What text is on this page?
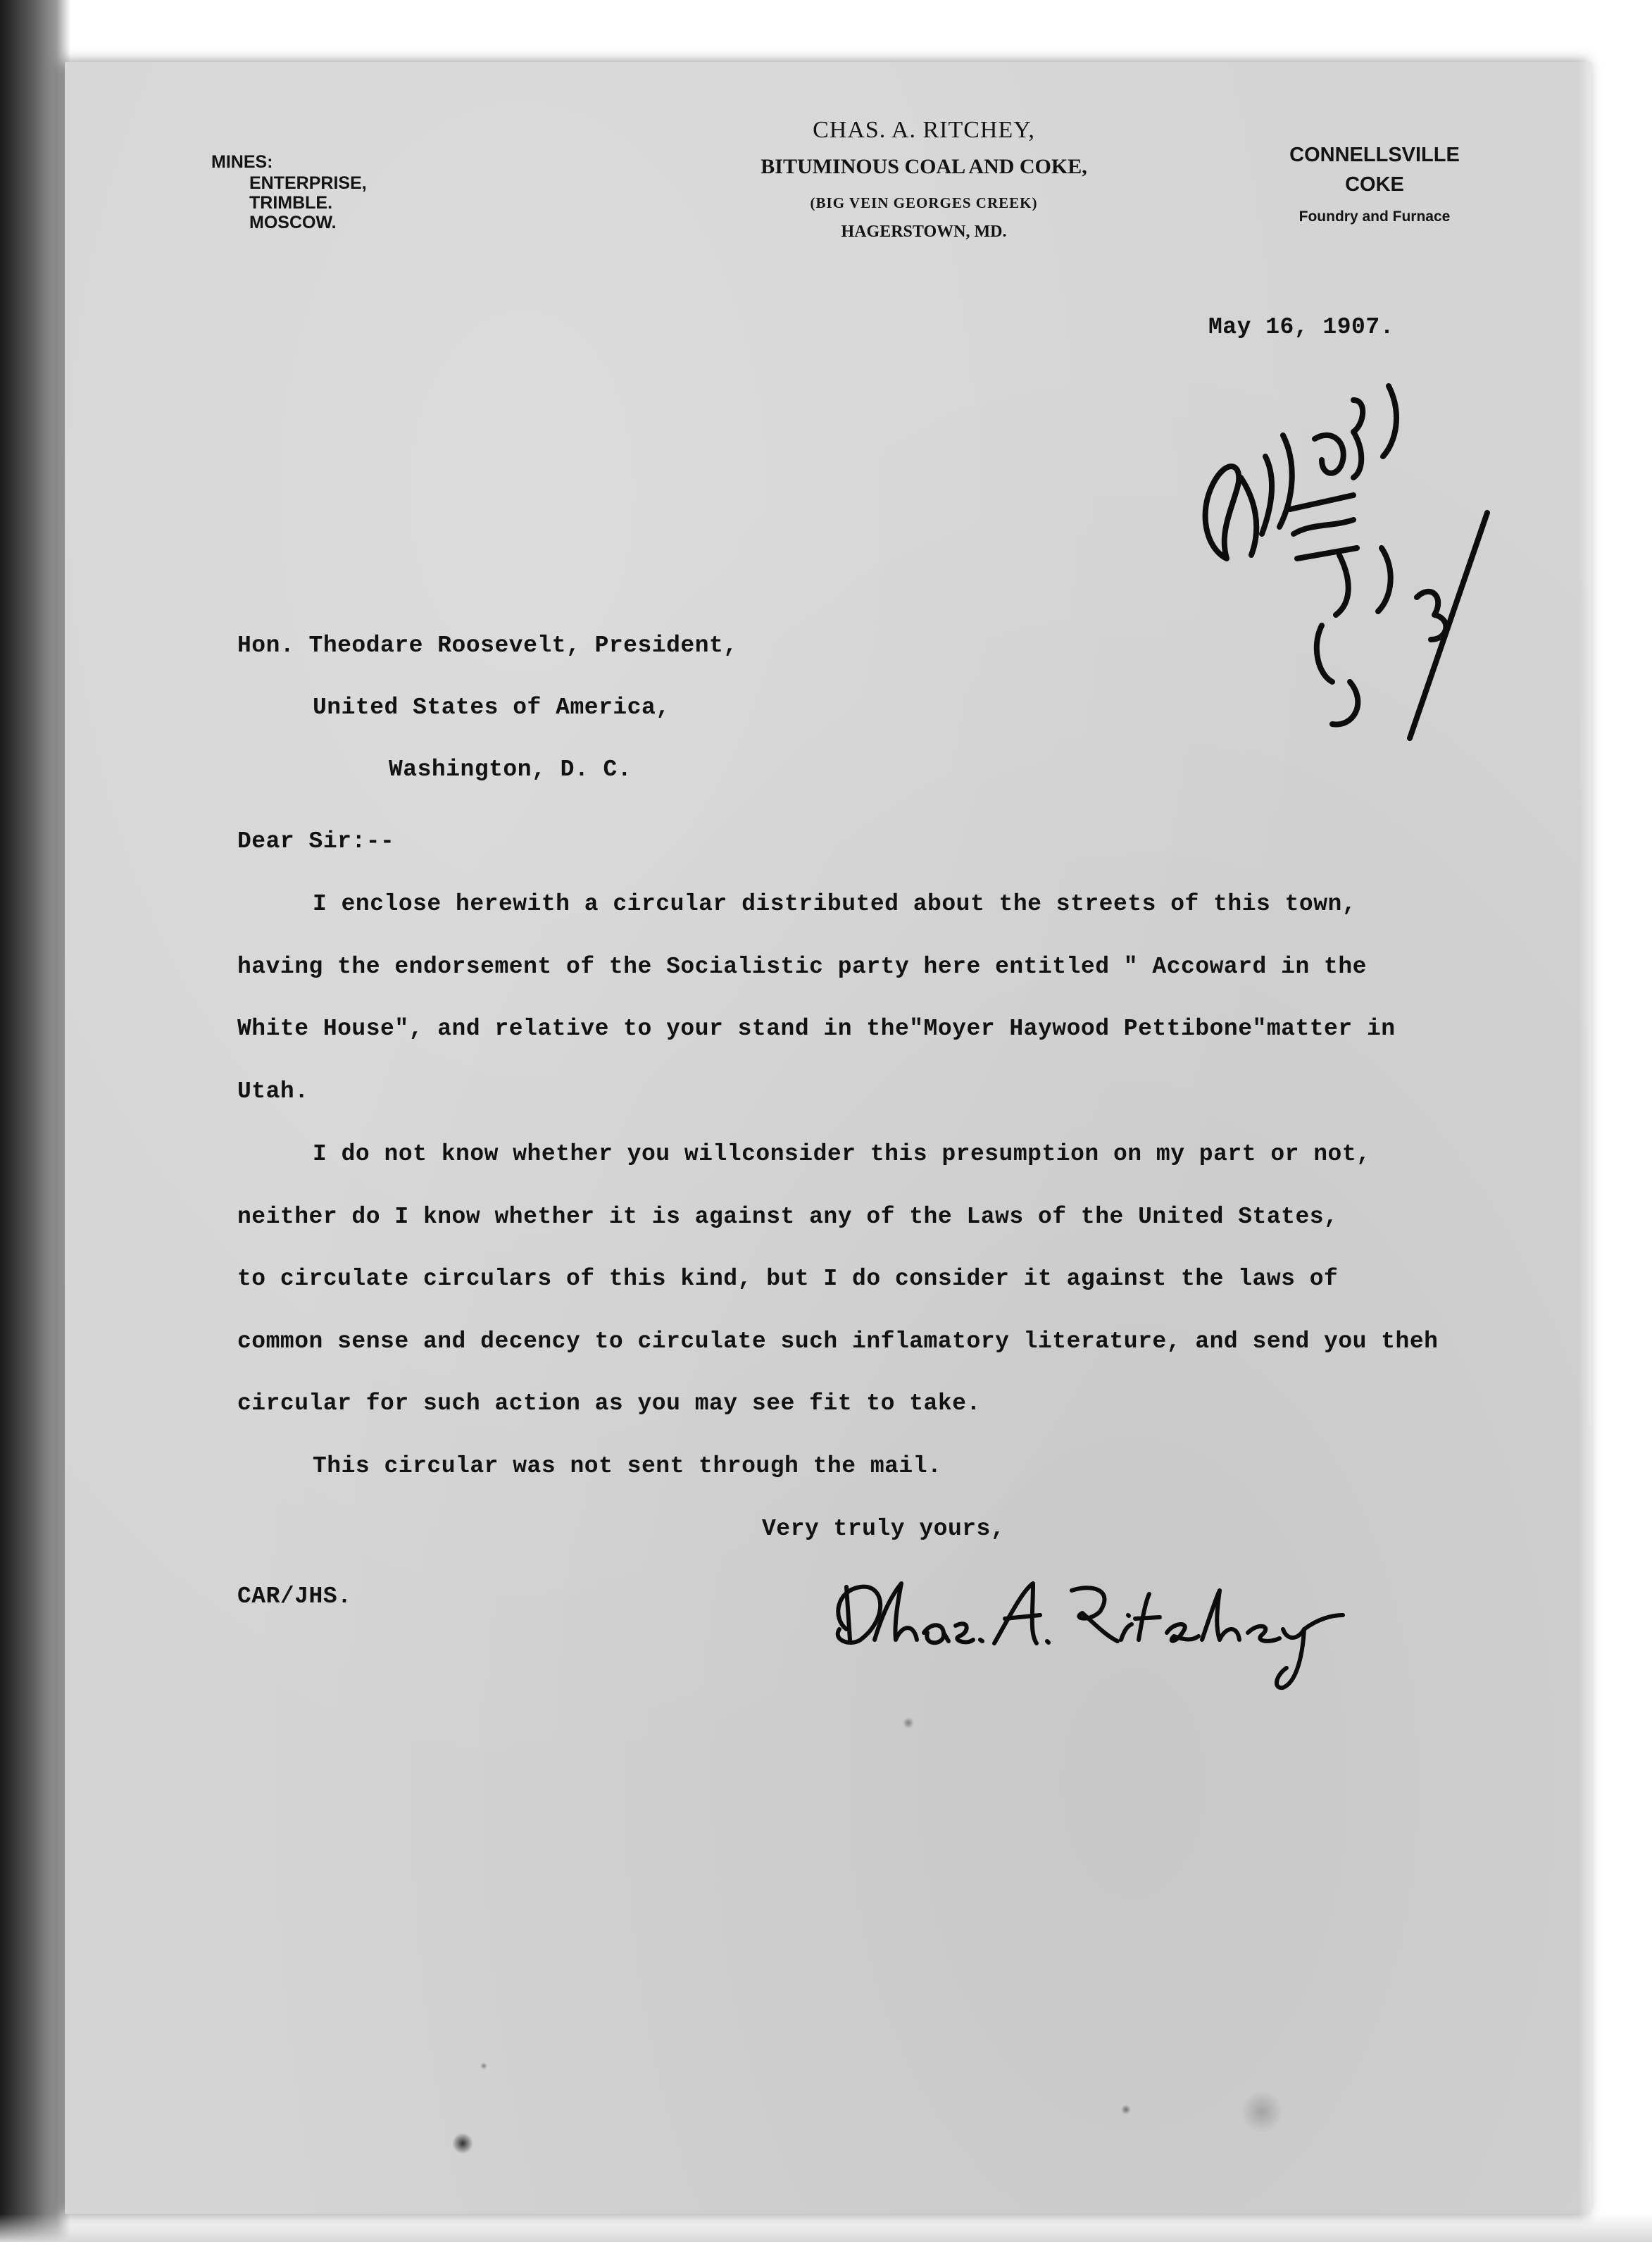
MINES:
ENTERPRISE,
TRIMBLE.
MOSCOW.
CHAS. A. RITCHEY,
BITUMINOUS COAL AND COKE,
(BIG VEIN GEORGES CREEK)
HAGERSTOWN, MD.
CONNELLSVILLE
COKE
Foundry and Furnace
May 16, 1907.
Hon. Theodare Roosevelt, President,
United States of America,
Washington, D. C.
Dear Sir:--
I enclose herewith a circular distributed about the streets of this town,
having the endorsement of the Socialistic party here entitled " Accoward in the
White House", and relative to your stand in the"Moyer Haywood Pettibone"matter in
Utah.
I do not know whether you willconsider this presumption on my part or not,
neither do I know whether it is against any of the Laws of the United States,
to circulate circulars of this kind, but I do consider it against the laws of
common sense and decency to circulate such inflamatory literature, and send you theh
circular for such action as you may see fit to take.
This circular was not sent through the mail.
Very truly yours,
CAR/JHS.
